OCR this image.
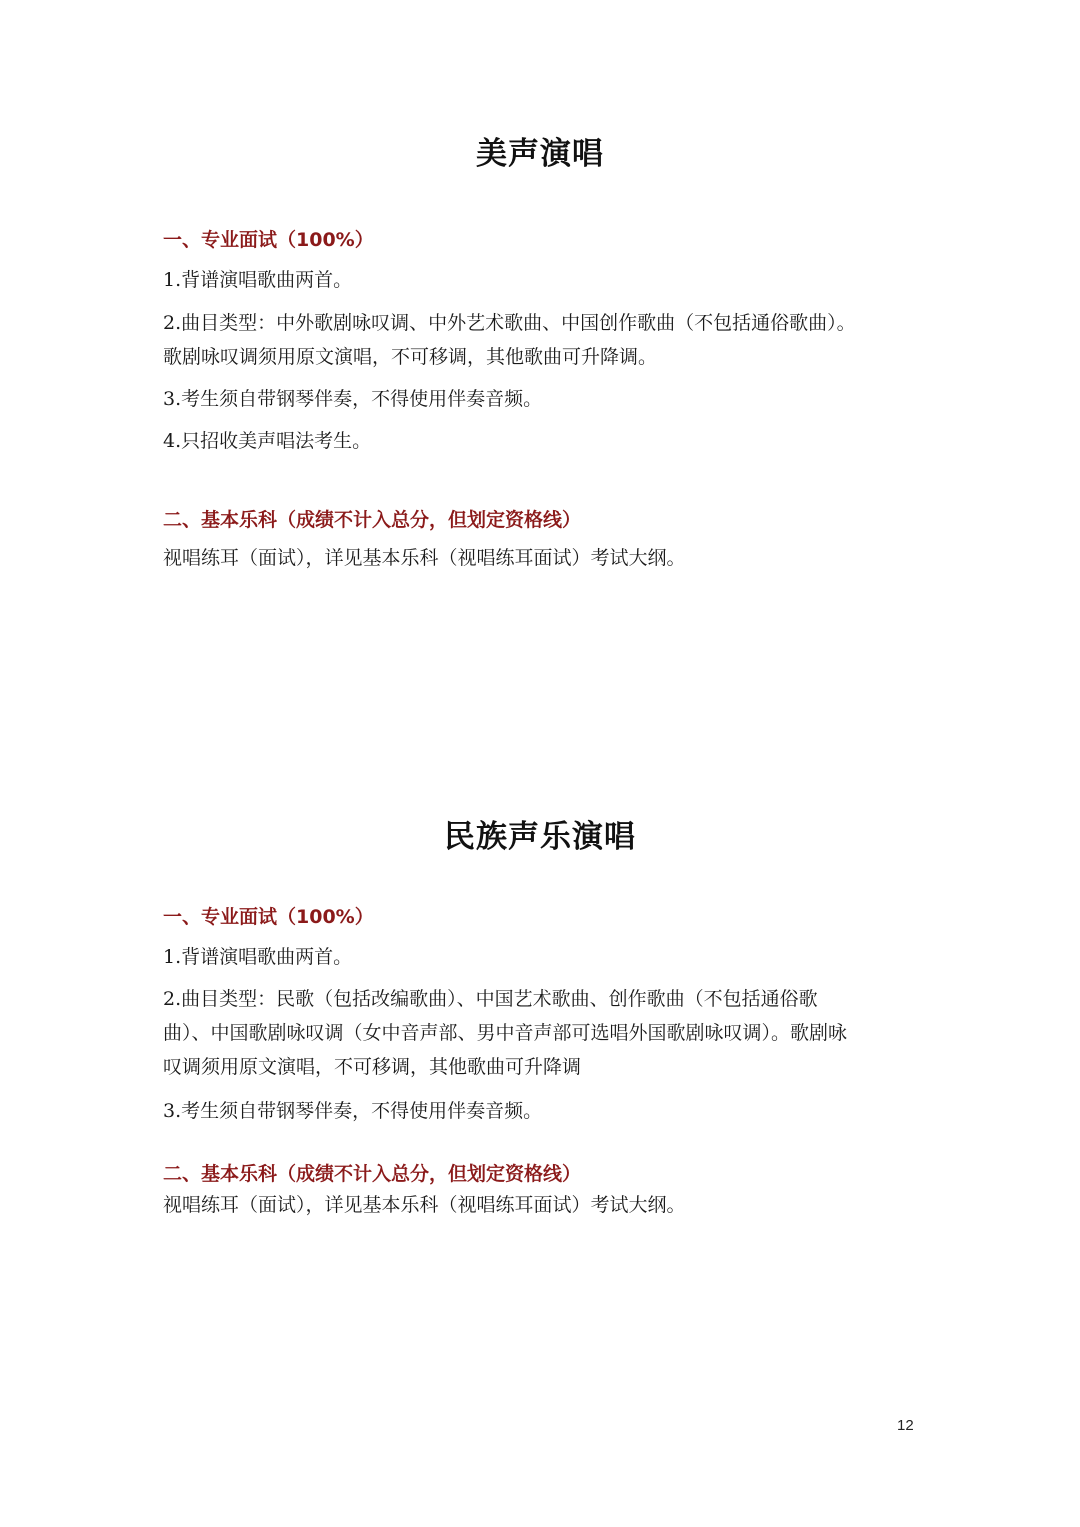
美声演唱
一、专业面试（100%）
1.背谱演唱歌曲两首。
2.曲目类型：中外歌剧咏叹调、中外艺术歌曲、中国创作歌曲（不包括通俗歌曲）。歌剧咏叹调须用原文演唱，不可移调，其他歌曲可升降调。
3.考生须自带钢琴伴奏，不得使用伴奏音频。
4.只招收美声唱法考生。
二、基本乐科（成绩不计入总分，但划定资格线）
视唱练耳（面试），详见基本乐科（视唱练耳面试）考试大纲。
民族声乐演唱
一、专业面试（100%）
1.背谱演唱歌曲两首。
2.曲目类型：民歌（包括改编歌曲）、中国艺术歌曲、创作歌曲（不包括通俗歌曲）、中国歌剧咏叹调（女中音声部、男中音声部可选唱外国歌剧咏叹调）。歌剧咏叹调须用原文演唱，不可移调，其他歌曲可升降调
3.考生须自带钢琴伴奏，不得使用伴奏音频。
二、基本乐科（成绩不计入总分，但划定资格线）
视唱练耳（面试），详见基本乐科（视唱练耳面试）考试大纲。
12
